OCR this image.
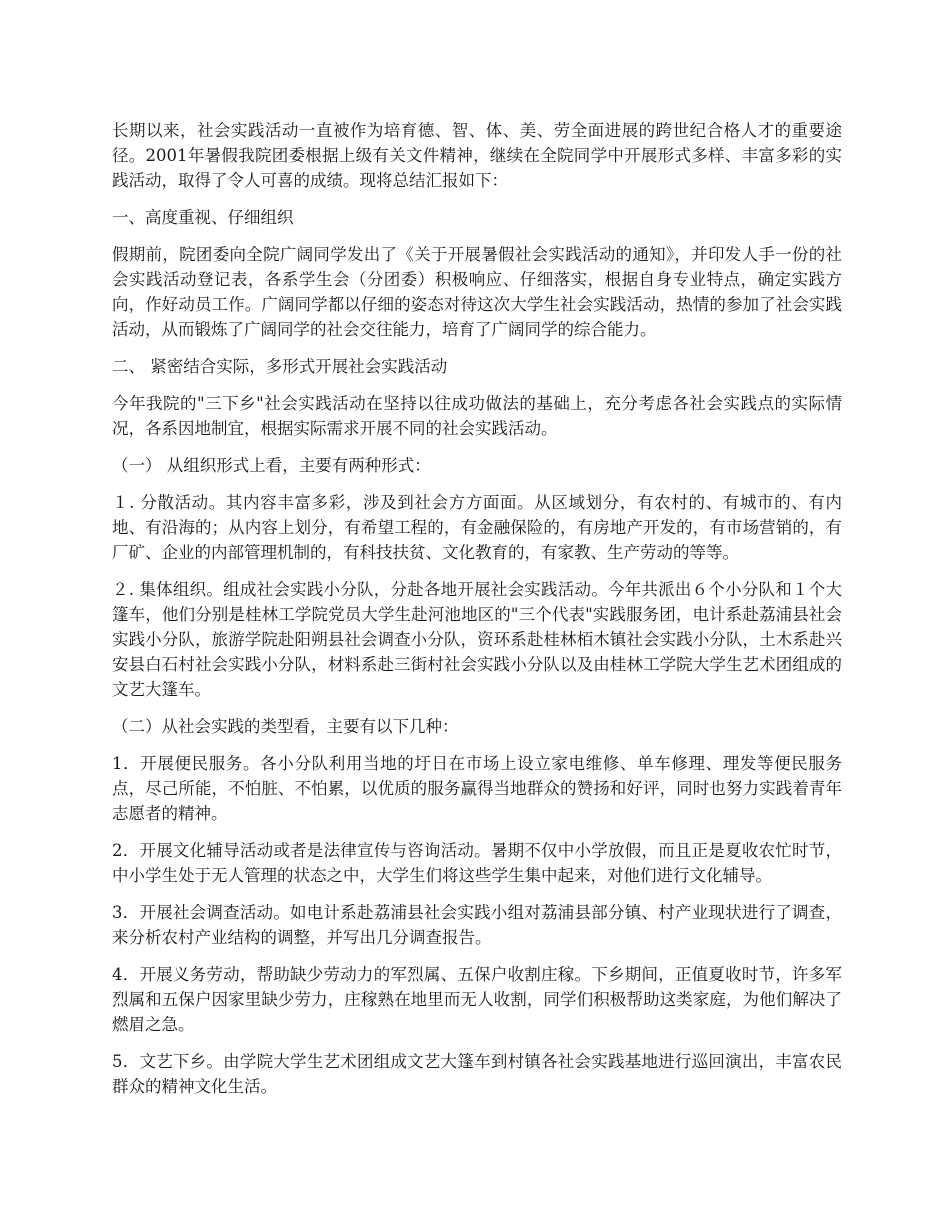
长期以来，社会实践活动一直被作为培育德、智、体、美、劳全面进展的跨世纪合格人才的重要途径。2001年暑假我院团委根据上级有关文件精神，继续在全院同学中开展形式多样、丰富多彩的实践活动，取得了令人可喜的成绩。现将总结汇报如下：

一、高度重视、仔细组织

假期前，院团委向全院广阔同学发出了《关于开展暑假社会实践活动的通知》，并印发人手一份的社会实践活动登记表，各系学生会（分团委）积极响应、仔细落实，根据自身专业特点，确定实践方向，作好动员工作。广阔同学都以仔细的姿态对待这次大学生社会实践活动，热情的参加了社会实践活动，从而锻炼了广阔同学的社会交往能力，培育了广阔同学的综合能力。

二、 紧密结合实际，多形式开展社会实践活动

今年我院的"三下乡"社会实践活动在坚持以往成功做法的基础上，充分考虑各社会实践点的实际情况，各系因地制宜，根据实际需求开展不同的社会实践活动。

（一） 从组织形式上看，主要有两种形式：

１. 分散活动。其内容丰富多彩，涉及到社会方方面面。从区域划分，有农村的、有城市的、有内地、有沿海的；从内容上划分，有希望工程的，有金融保险的，有房地产开发的，有市场营销的，有厂矿、企业的内部管理机制的，有科技扶贫、文化教育的，有家教、生产劳动的等等。

２. 集体组织。组成社会实践小分队，分赴各地开展社会实践活动。今年共派出６个小分队和１个大篷车，他们分别是桂林工学院党员大学生赴河池地区的"三个代表"实践服务团，电计系赴荔浦县社会实践小分队，旅游学院赴阳朔县社会调查小分队，资环系赴桂林栢木镇社会实践小分队，土木系赴兴安县白石村社会实践小分队，材料系赴三街村社会实践小分队以及由桂林工学院大学生艺术团组成的文艺大篷车。

（二）从社会实践的类型看，主要有以下几种：

1．开展便民服务。各小分队利用当地的圩日在市场上设立家电维修、单车修理、理发等便民服务点，尽己所能，不怕脏、不怕累，以优质的服务赢得当地群众的赞扬和好评，同时也努力实践着青年志愿者的精神。

2．开展文化辅导活动或者是法律宣传与咨询活动。暑期不仅中小学放假，而且正是夏收农忙时节，中小学生处于无人管理的状态之中，大学生们将这些学生集中起来，对他们进行文化辅导。

3．开展社会调查活动。如电计系赴荔浦县社会实践小组对荔浦县部分镇、村产业现状进行了调查，来分析农村产业结构的调整，并写出几分调查报告。

4．开展义务劳动，帮助缺少劳动力的军烈属、五保户收割庄稼。下乡期间，正值夏收时节，许多军烈属和五保户因家里缺少劳力，庄稼熟在地里而无人收割，同学们积极帮助这类家庭，为他们解决了燃眉之急。

5．文艺下乡。由学院大学生艺术团组成文艺大篷车到村镇各社会实践基地进行巡回演出，丰富农民群众的精神文化生活。
